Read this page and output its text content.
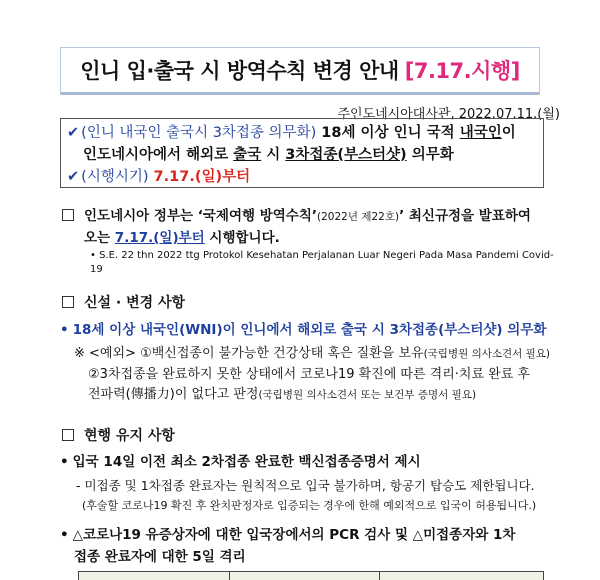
인니 입·출국 시 방역수칙 변경 안내 [7.17.시행]
주인도네시아대사관, 2022.07.11.(월)
✔ (인니 내국인 출국시 3차접종 의무화) 18세 이상 인니 국적 내국인이
인도네시아에서 해외로 출국 시 3차접종(부스터샷) 의무화
✔ (시행시기) 7.17.(일)부터
인도네시아 정부는 ‘국제여행 방역수칙’(2022년 제22호)’ 최신규정을 발표하여
오는 7.17.(일)부터 시행합니다.
• S.E. 22 thn 2022 ttg Protokol Kesehatan Perjalanan Luar Negeri Pada Masa Pandemi Covid-19
신설 · 변경 사항
• 18세 이상 내국인(WNI)이 인니에서 해외로 출국 시 3차접종(부스터샷) 의무화
※ <예외> ①백신접종이 불가능한 건강상태 혹은 질환을 보유(국립병원 의사소견서 필요)
②3차접종을 완료하지 못한 상태에서 코로나19 확진에 따른 격리·치료 완료 후
전파력(傳播力)이 없다고 판정(국립병원 의사소견서 또는 보건부 증명서 필요)
현행 유지 사항
• 입국 14일 이전 최소 2차접종 완료한 백신접종증명서 제시
- 미접종 및 1차접종 완료자는 원칙적으로 입국 불가하며, 항공기 탑승도 제한됩니다.
(후술할 코로나19 확진 후 완치판정자로 입증되는 경우에 한해 예외적으로 입국이 허용됩니다.)
• △코로나19 유증상자에 대한 입국장에서의 PCR 검사 및 △미접종자와 1차
접종 완료자에 대한 5일 격리
